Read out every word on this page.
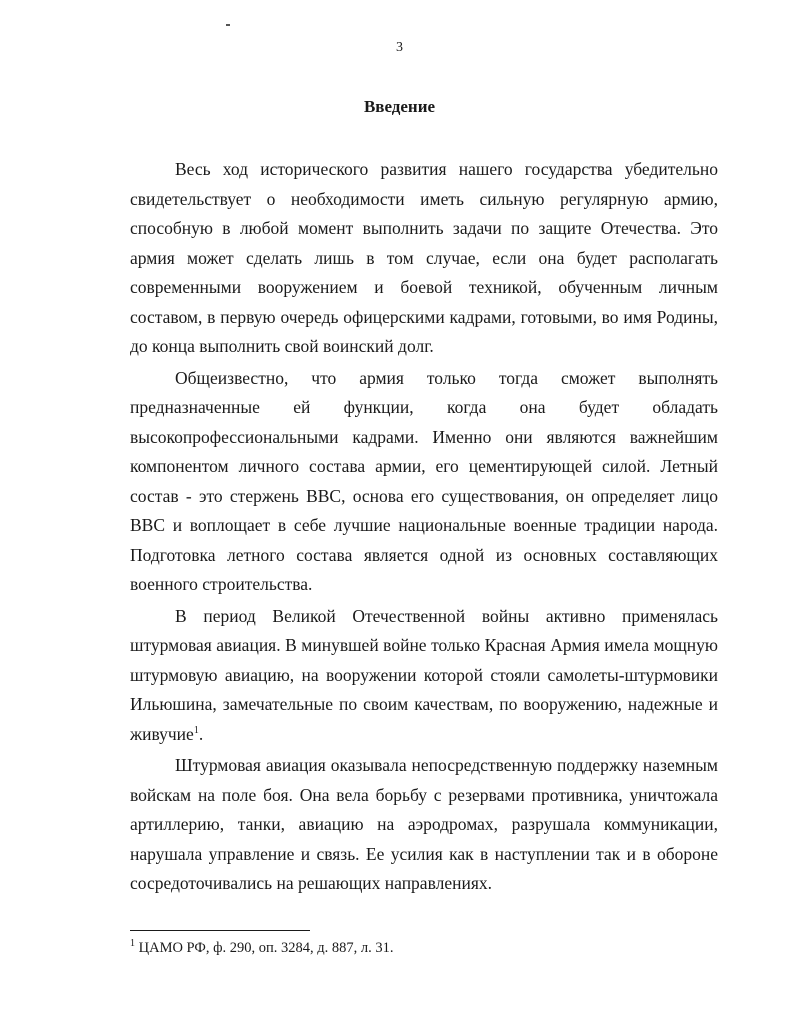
3
Введение

Весь ход исторического развития нашего государства убедительно свидетельствует о необходимости иметь сильную регулярную армию, способную в любой момент выполнить задачи по защите Отечества. Это армия может сделать лишь в том случае, если она будет располагать современными вооружением и боевой техникой, обученным личным составом, в первую очередь офицерскими кадрами, готовыми, во имя Родины, до конца выполнить свой воинский долг.

Общеизвестно, что армия только тогда сможет выполнять предназначенные ей функции, когда она будет обладать высокопрофессиональными кадрами. Именно они являются важнейшим компонентом личного состава армии, его цементирующей силой. Летный состав - это стержень ВВС, основа его существования, он определяет лицо ВВС и воплощает в себе лучшие национальные военные традиции народа. Подготовка летного состава является одной из основных составляющих военного строительства.

В период Великой Отечественной войны активно применялась штурмовая авиация. В минувшей войне только Красная Армия имела мощную штурмовую авиацию, на вооружении которой стояли самолеты-штурмовики Ильюшина, замечательные по своим качествам, по вооружению, надежные и живучие$^1$.

Штурмовая авиация оказывала непосредственную поддержку наземным войскам на поле боя. Она вела борьбу с резервами противника, уничтожала артиллерию, танки, авиацию на аэродромах, разрушала коммуникации, нарушала управление и связь. Ее усилия как в наступлении так и в обороне сосредоточивались на решающих направлениях.

$^1$ ЦАМО РФ, ф. 290, оп. 3284, д. 887, л. 31.
